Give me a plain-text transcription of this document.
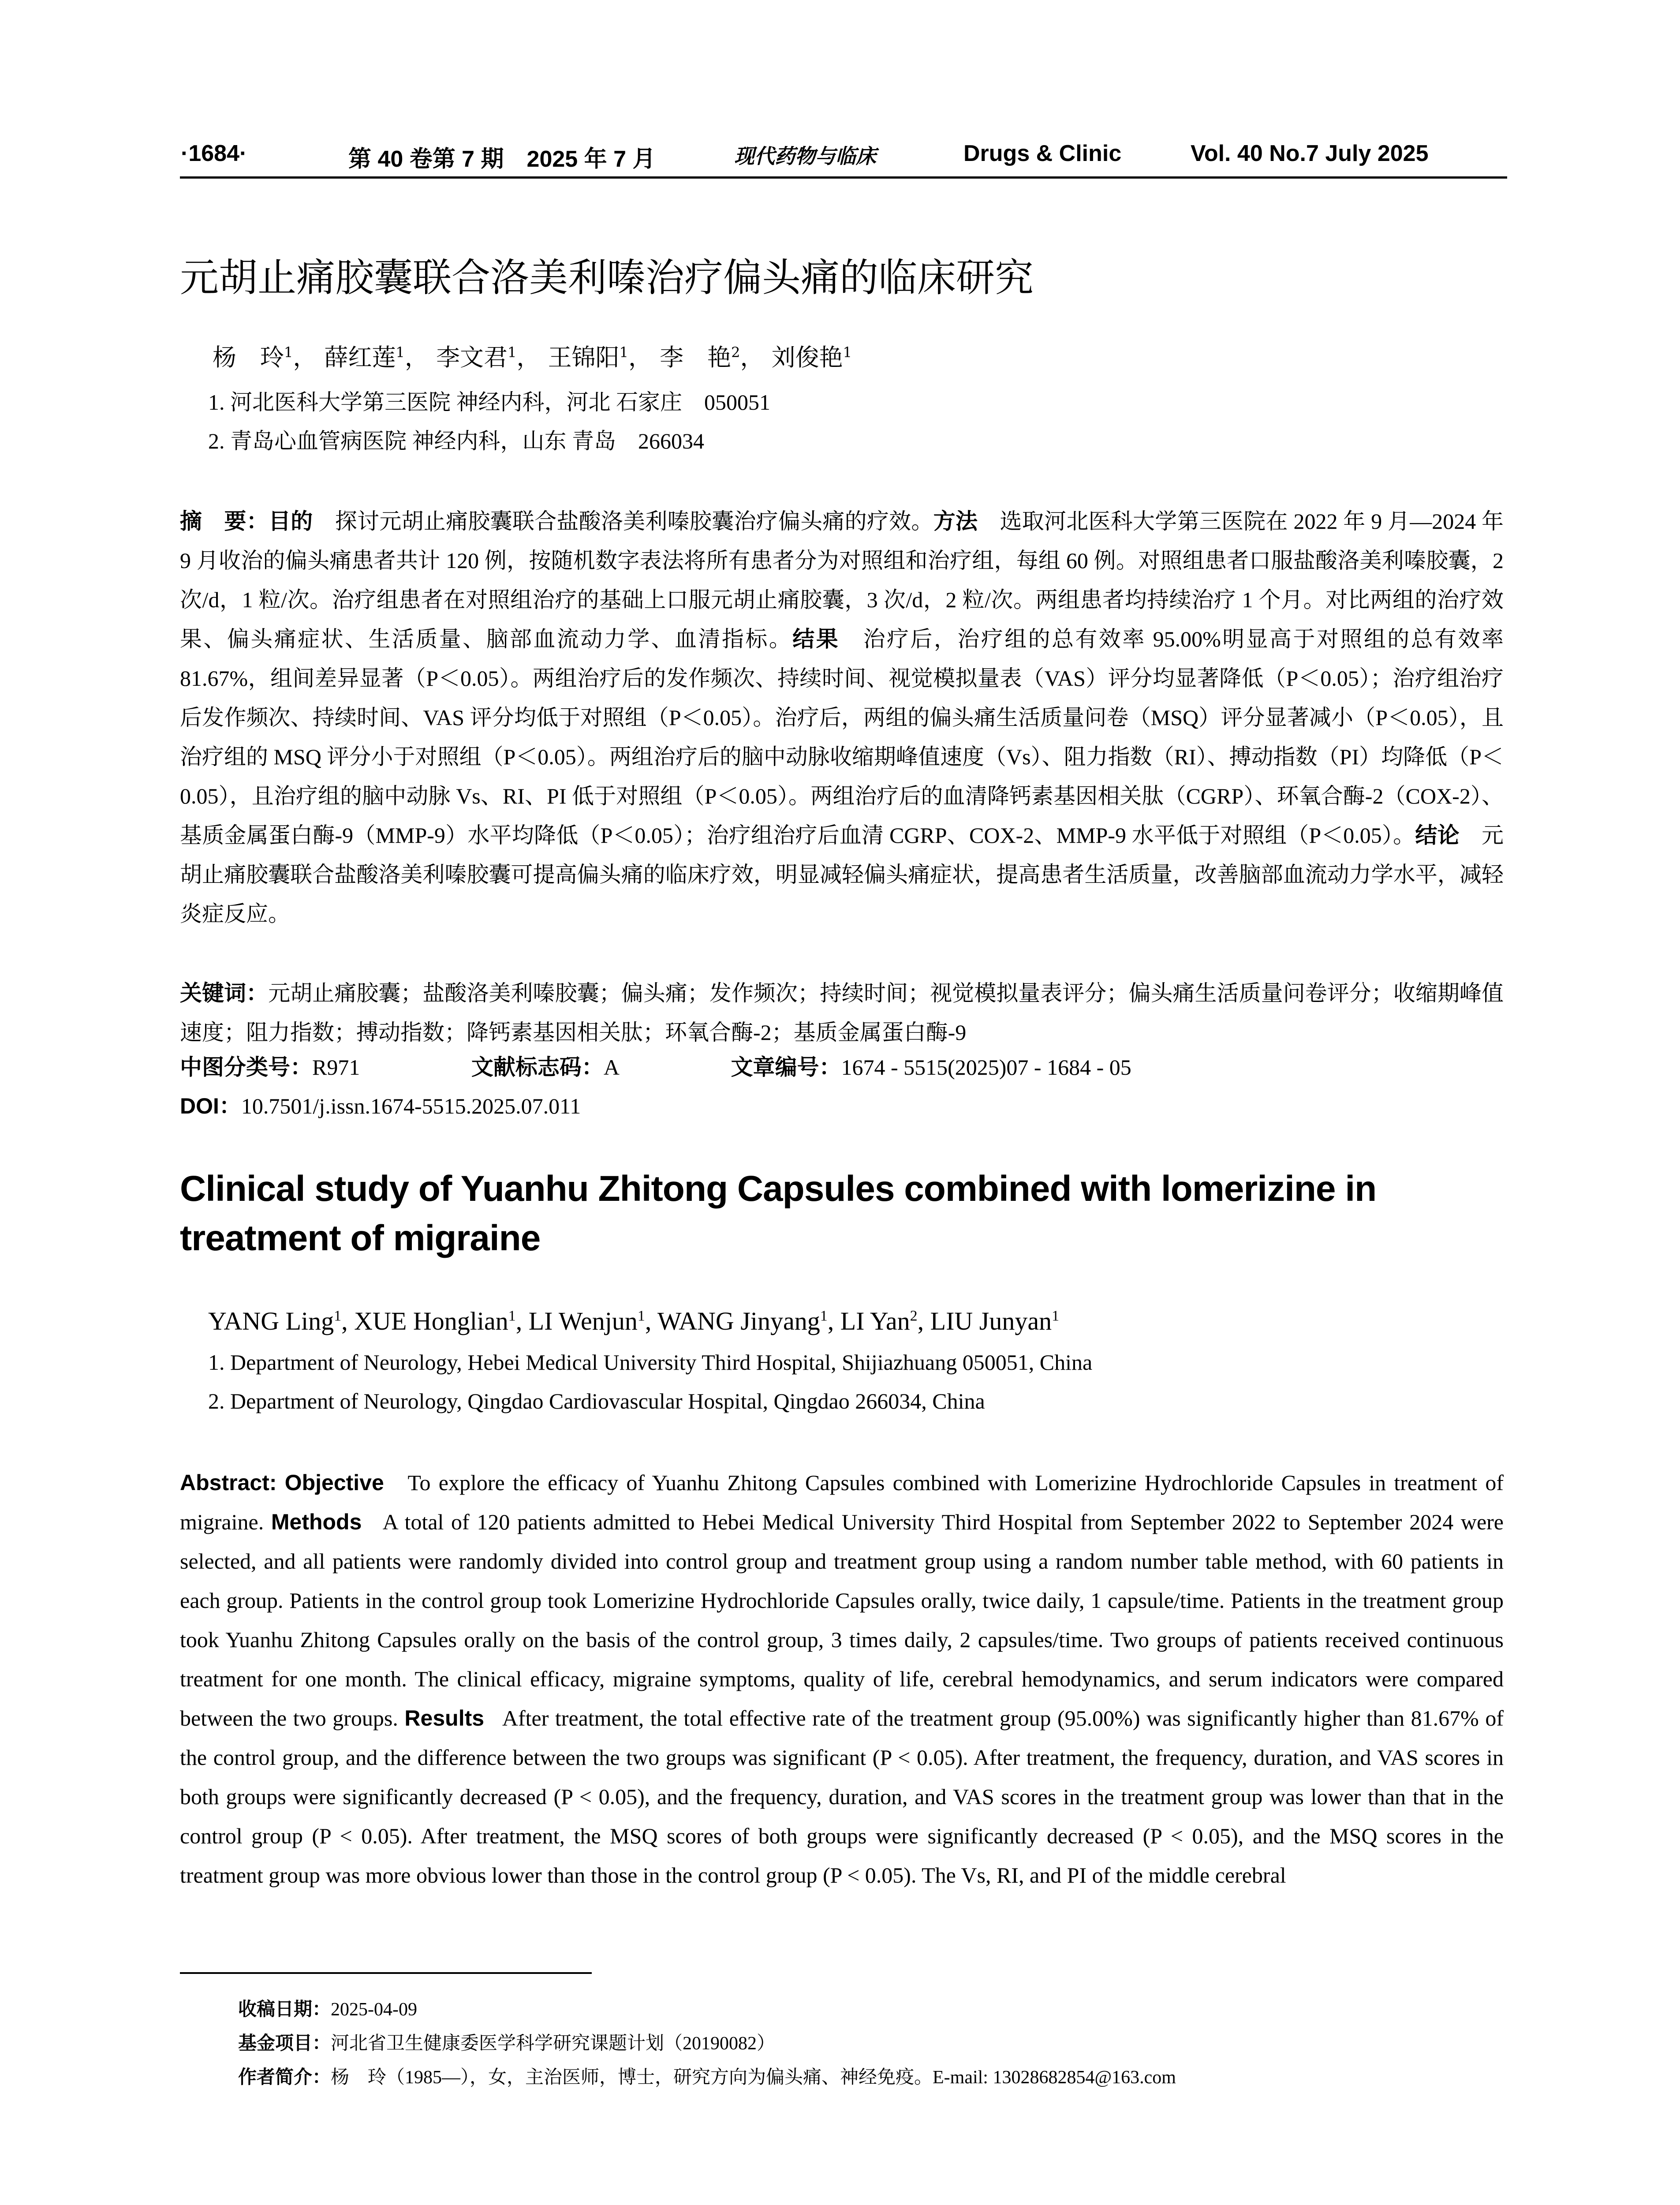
·1684·	第 40 卷第 7 期　2025 年 7 月	现代药物与临床	Drugs & Clinic	Vol. 40 No.7 July 2025
元胡止痛胶囊联合洛美利嗪治疗偏头痛的临床研究
杨　玲$^1$， 薛红莲$^1$， 李文君$^1$， 王锦阳$^1$， 李　艳$^2$， 刘俊艳$^1$
1. 河北医科大学第三医院 神经内科，河北 石家庄　050051
2. 青岛心血管病医院 神经内科，山东 青岛　266034
摘　要：目的　 探讨元胡止痛胶囊联合盐酸洛美利嗪胶囊治疗偏头痛的疗效。方法　 选取河北医科大学第三医院在 2022 年 9 月—2024 年 9 月收治的偏头痛患者共计 120 例，按随机数字表法将所有患者分为对照组和治疗组，每组 60 例。对照组患者口服盐酸洛美利嗪胶囊，2 次/d，1 粒/次。治疗组患者在对照组治疗的基础上口服元胡止痛胶囊，3 次/d，2 粒/次。两组患者均持续治疗 1 个月。对比两组的治疗效果、偏头痛症状、生活质量、脑部血流动力学、血清指标。结果　 治疗后，治疗组的总有效率 95.00%明显高于对照组的总有效率 81.67%，组间差异显著（P＜0.05）。两组治疗后的发作频次、持续时间、视觉模拟量表（VAS）评分均显著降低（P＜0.05）；治疗组治疗后发作频次、持续时间、VAS 评分均低于对照组（P＜0.05）。治疗后，两组的偏头痛生活质量问卷（MSQ）评分显著减小（P＜0.05），且治疗组的 MSQ 评分小于对照组（P＜0.05）。两组治疗后的脑中动脉收缩期峰值速度（Vs）、阻力指数（RI）、搏动指数（PI）均降低（P＜0.05），且治疗组的脑中动脉 Vs、RI、PI 低于对照组（P＜0.05）。两组治疗后的血清降钙素基因相关肽（CGRP）、环氧合酶-2（COX-2）、基质金属蛋白酶-9（MMP-9）水平均降低（P＜0.05）；治疗组治疗后血清 CGRP、COX-2、MMP-9 水平低于对照组（P＜0.05）。结论　 元胡止痛胶囊联合盐酸洛美利嗪胶囊可提高偏头痛的临床疗效，明显减轻偏头痛症状，提高患者生活质量，改善脑部血流动力学水平，减轻炎症反应。
关键词：元胡止痛胶囊；盐酸洛美利嗪胶囊；偏头痛；发作频次；持续时间；视觉模拟量表评分；偏头痛生活质量问卷评分；收缩期峰值速度；阻力指数；搏动指数；降钙素基因相关肽；环氧合酶-2；基质金属蛋白酶-9
中图分类号：R971	文献标志码：A	文章编号：1674 - 5515(2025)07 - 1684 - 05
DOI：10.7501/j.issn.1674-5515.2025.07.011
Clinical study of Yuanhu Zhitong Capsules combined with lomerizine in treatment of migraine
YANG Ling$^1$, XUE Honglian$^1$, LI Wenjun$^1$, WANG Jinyang$^1$, LI Yan$^2$, LIU Junyan$^1$
1. Department of Neurology, Hebei Medical University Third Hospital, Shijiazhuang 050051, China
2. Department of Neurology, Qingdao Cardiovascular Hospital, Qingdao 266034, China
Abstract: Objective To explore the efficacy of Yuanhu Zhitong Capsules combined with Lomerizine Hydrochloride Capsules in treatment of migraine. Methods A total of 120 patients admitted to Hebei Medical University Third Hospital from September 2022 to September 2024 were selected, and all patients were randomly divided into control group and treatment group using a random number table method, with 60 patients in each group. Patients in the control group took Lomerizine Hydrochloride Capsules orally, twice daily, 1 capsule/time. Patients in the treatment group took Yuanhu Zhitong Capsules orally on the basis of the control group, 3 times daily, 2 capsules/time. Two groups of patients received continuous treatment for one month. The clinical efficacy, migraine symptoms, quality of life, cerebral hemodynamics, and serum indicators were compared between the two groups. Results After treatment, the total effective rate of the treatment group (95.00%) was significantly higher than 81.67% of the control group, and the difference between the two groups was significant (P < 0.05). After treatment, the frequency, duration, and VAS scores in both groups were significantly decreased (P < 0.05), and the frequency, duration, and VAS scores in the treatment group was lower than that in the control group (P < 0.05). After treatment, the MSQ scores of both groups were significantly decreased (P < 0.05), and the MSQ scores in the treatment group was more obvious lower than those in the control group (P < 0.05). The Vs, RI, and PI of the middle cerebral
收稿日期：2025-04-09
基金项目：河北省卫生健康委医学科学研究课题计划（20190082）
作者简介：杨　玲（1985—），女，主治医师，博士，研究方向为偏头痛、神经免疫。E-mail: 13028682854@163.com
